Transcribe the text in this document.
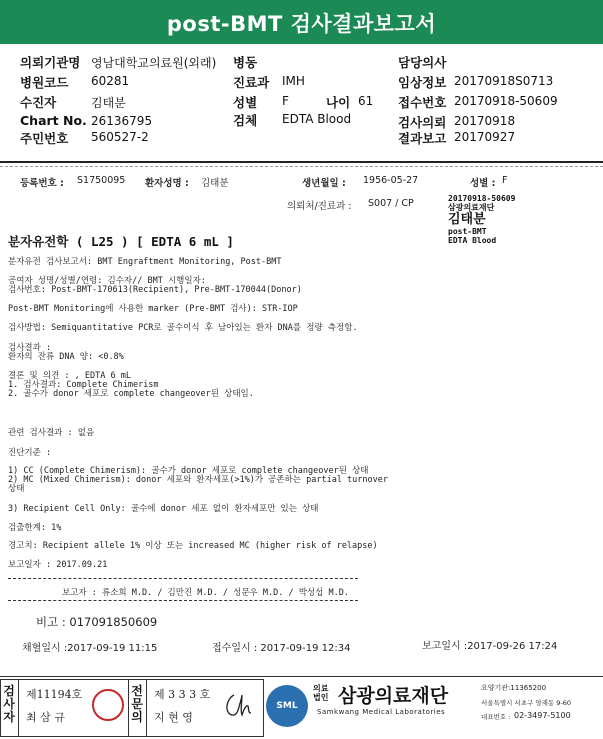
post-BMT 검사결과보고서
의뢰기관명 영남대학교의료원(외래) 병동	담당의사
병원코드 60281	진료과 IMH	임상정보 20170918S0713
수진자	김태분	성별 F	나이 61 접수번호 20170918-50609
Chart No. 26136795	검체 EDTA Blood	검사의뢰 20170918
주민번호 560527-2	결과보고 20170927
등록번호 : S1750095 환자성명 : 김태분	생년월일 : 1956-05-27	성별 : F
의뢰처/진료과 : S007 / CP	20170918-50609
삼광의료재단
김태분
post-BMT
EDTA Blood
분자유전학 ( L25 ) [ EDTA 6 mL ]
분자유전 검사보고서: BMT Engraftment Monitoring, Post-BMT
공여자 성명/성별/연령: 김수자// BMT 시행일자:
검사번호: Post-BMT-170613(Recipient), Pre-BMT-170044(Donor)
Post-BMT Monitoring에 사용한 marker (Pre-BMT 검사): STR-IOP
검사방법: Semiquantitative PCR로 골수이식 후 남아있는 환자 DNA를 정량 측정함.
검사결과 :
환자의 잔류 DNA 양: <0.8%
결론 및 의견 : , EDTA 6 mL
1. 검사결과: Complete Chimerism
2. 골수가 donor 세포로 complete changeover된 상태임.
관련 검사결과 : 없음
진단기준 :
1) CC (Complete Chimerism): 골수가 donor 세포로 complete changeover된 상태
2) MC (Mixed Chimerism): donor 세포와 환자세포(>1%)가 공존하는 partial turnover
상태
3) Recipient Cell Only: 골수에 donor 세포 없이 환자세포만 있는 상태
검출한계: 1%
경고치: Recipient allele 1% 이상 또는 increased MC (higher risk of relapse)
보고일자 : 2017.09.21
보고자 : 류소희 M.D. / 김만진 M.D. / 성문우 M.D. / 박성섭 M.D.
비고 : 017091850609
채혈일시 :2017-09-19 11:15	접수일시 : 2017-09-19 12:34	보고일시 :2017-09-26 17:24
검사자
제11194호
최 삼 규
전문의
제 3 3 3 호
지 현 영
SML
의료
법인 삼광의료재단
Samkwang Medical Laboratories
요양기관:11365200
서울특별시 서초구 양재동 9-60
대표번호 : 02-3497-5100
